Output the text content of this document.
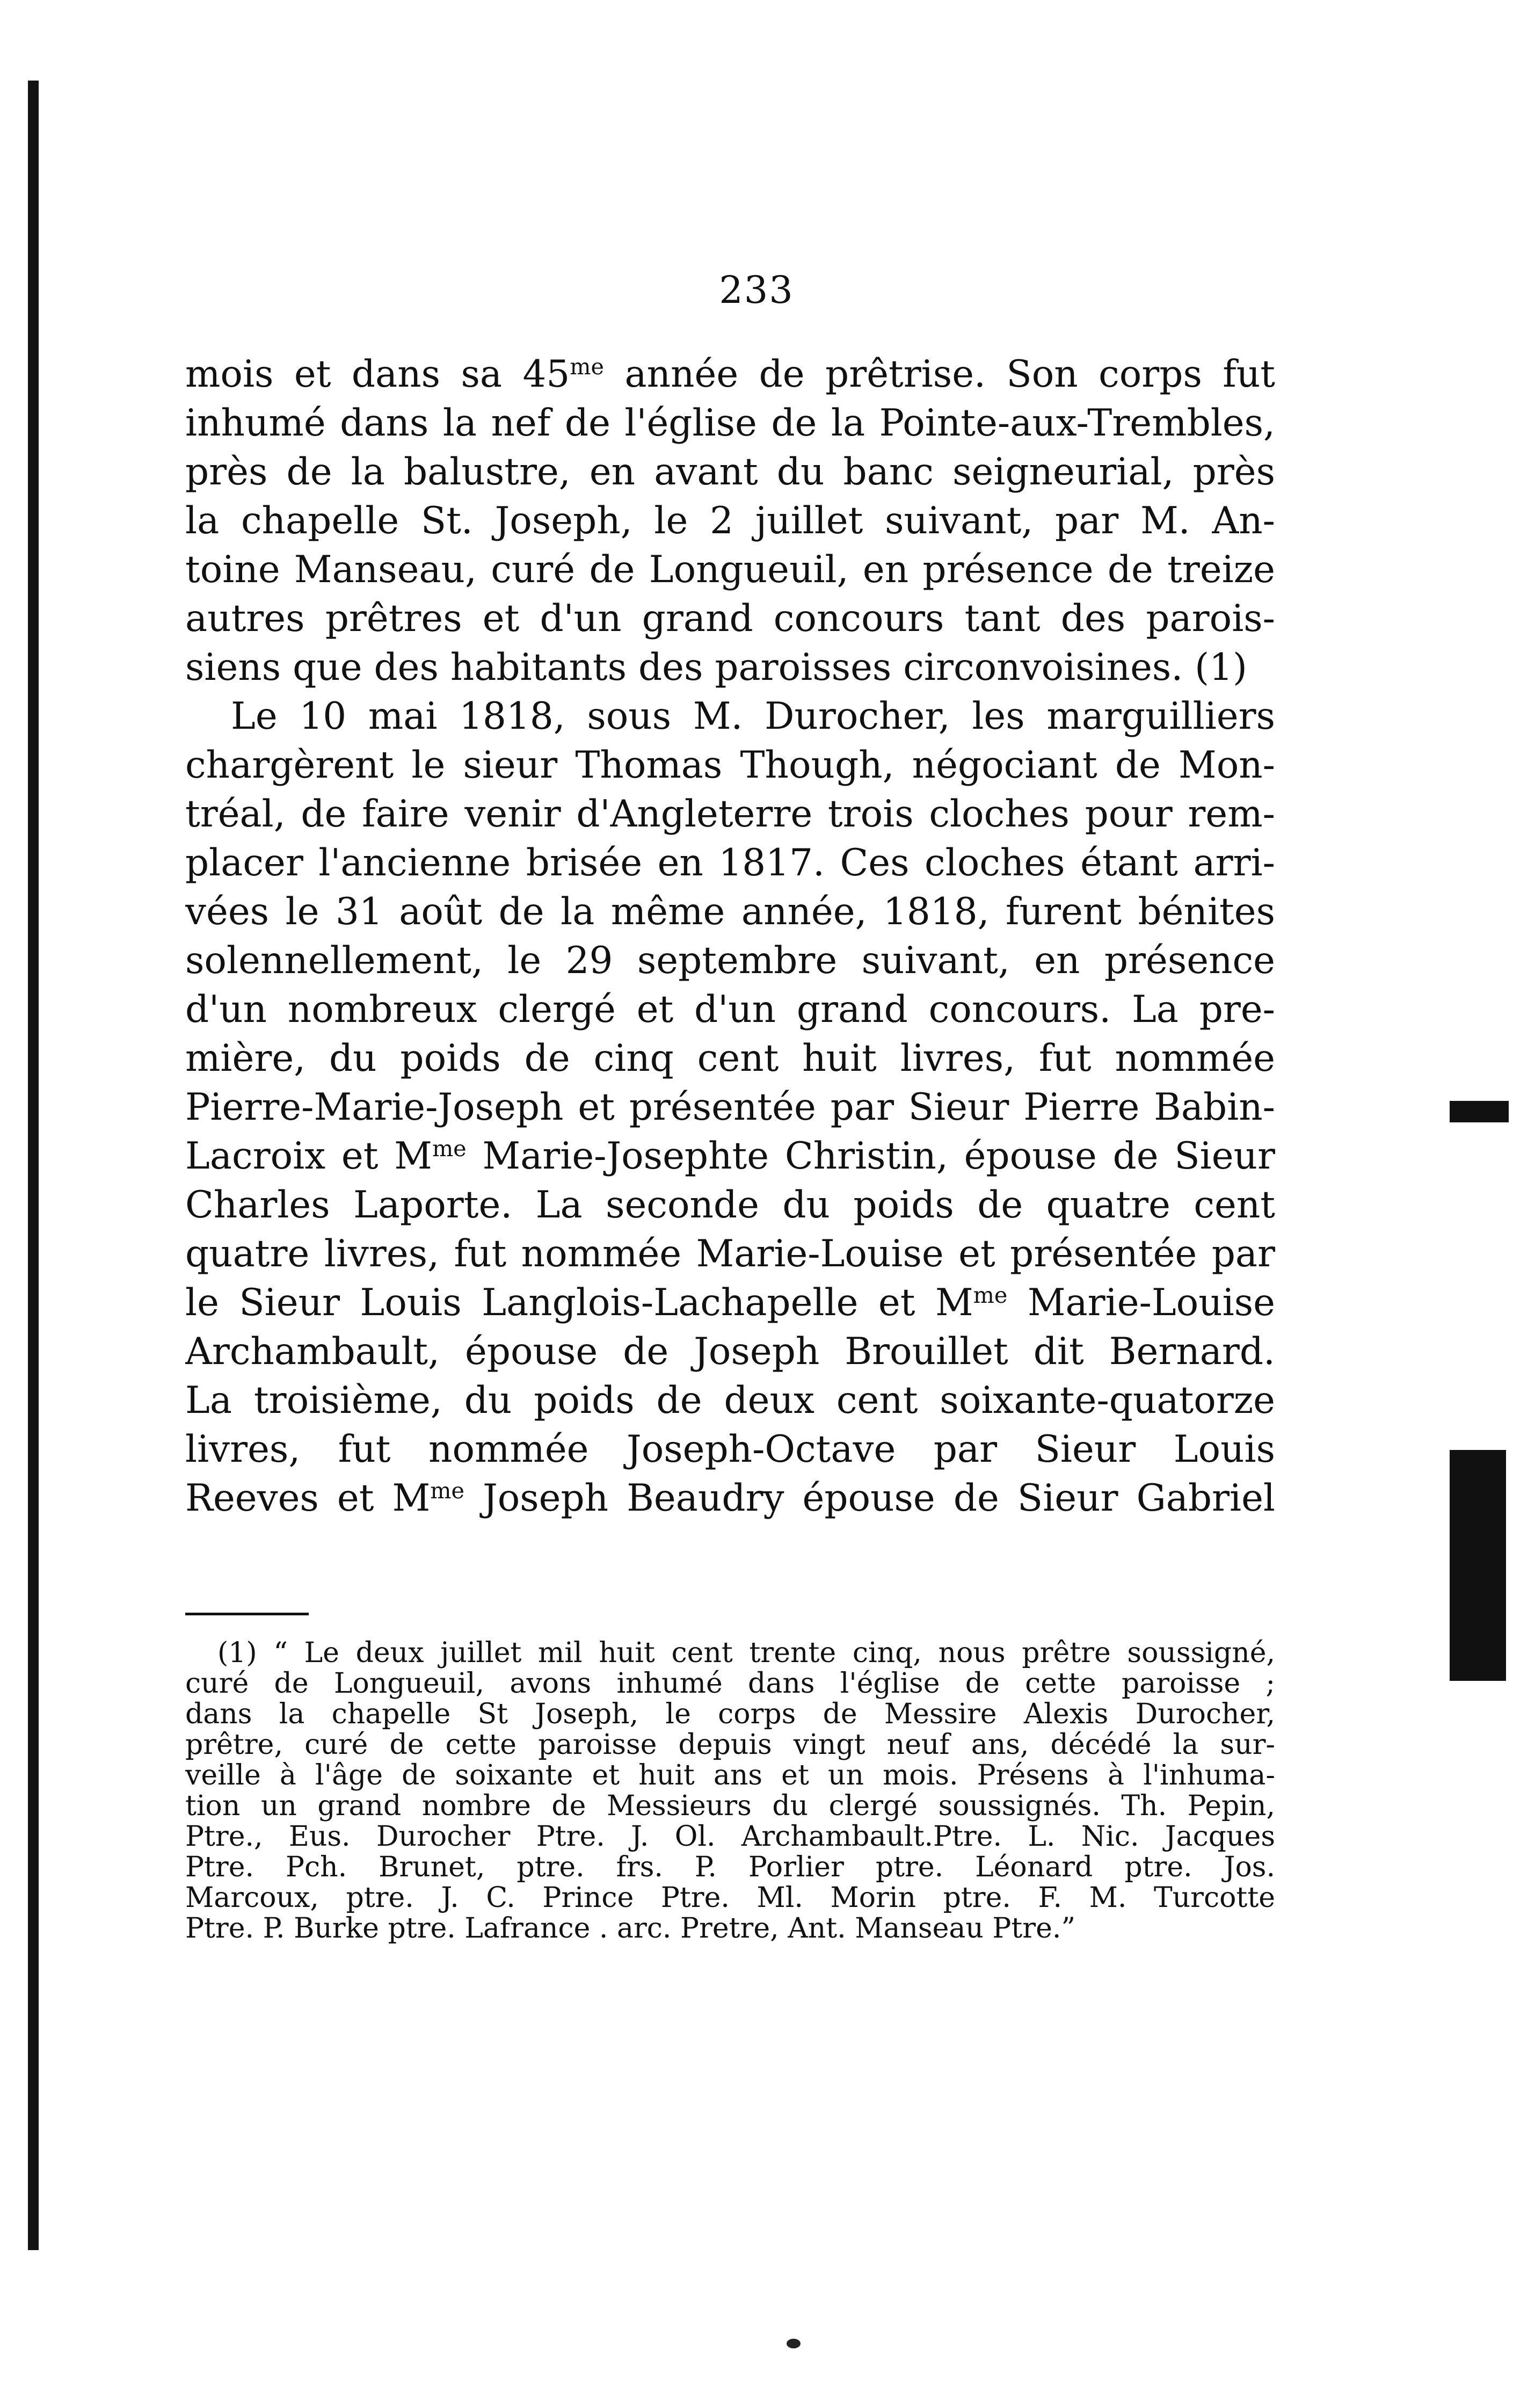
233
mois et dans sa $45^{me}$ année de prêtrise. Son corps fut
inhumé dans la nef de l'église de la Pointe-aux-Trembles,
près de la balustre, en avant du banc seigneurial, près
la chapelle St. Joseph, le 2 juillet suivant, par M. An-
toine Manseau, curé de Longueuil, en présence de treize
autres prêtres et d'un grand concours tant des parois-
siens que des habitants des paroisses circonvoisines. (1)
Le 10 mai 1818, sous M. Durocher, les marguilliers
chargèrent le sieur Thomas Though, négociant de Mon-
tréal, de faire venir d'Angleterre trois cloches pour rem-
placer l'ancienne brisée en 1817. Ces cloches étant arri-
vées le 31 août de la même année, 1818, furent bénites
solennellement, le 29 septembre suivant, en présence
d'un nombreux clergé et d'un grand concours. La pre-
mière, du poids de cinq cent huit livres, fut nommée
Pierre-Marie-Joseph et présentée par Sieur Pierre Babin-
Lacroix et $M^{me}$ Marie-Josephte Christin, épouse de Sieur
Charles Laporte. La seconde du poids de quatre cent
quatre livres, fut nommée Marie-Louise et présentée par
le Sieur Louis Langlois-Lachapelle et $M^{me}$ Marie-Louise
Archambault, épouse de Joseph Brouillet dit Bernard.
La troisième, du poids de deux cent soixante-quatorze
livres, fut nommée Joseph-Octave par Sieur Louis
Reeves et $M^{me}$ Joseph Beaudry épouse de Sieur Gabriel
(1) “ Le deux juillet mil huit cent trente cinq, nous prêtre soussigné,
curé de Longueuil, avons inhumé dans l'église de cette paroisse ;
dans la chapelle St Joseph, le corps de Messire Alexis Durocher,
prêtre, curé de cette paroisse depuis vingt neuf ans, décédé la sur-
veille à l'âge de soixante et huit ans et un mois. Présens à l'inhuma-
tion un grand nombre de Messieurs du clergé soussignés. Th. Pepin,
Ptre., Eus. Durocher Ptre. J. Ol. Archambault.Ptre. L. Nic. Jacques
Ptre. Pch. Brunet, ptre. frs. P. Porlier ptre. Léonard ptre. Jos.
Marcoux, ptre. J. C. Prince Ptre. Ml. Morin ptre. F. M. Turcotte
Ptre. P. Burke ptre. Lafrance . arc. Pretre, Ant. Manseau Ptre.”
